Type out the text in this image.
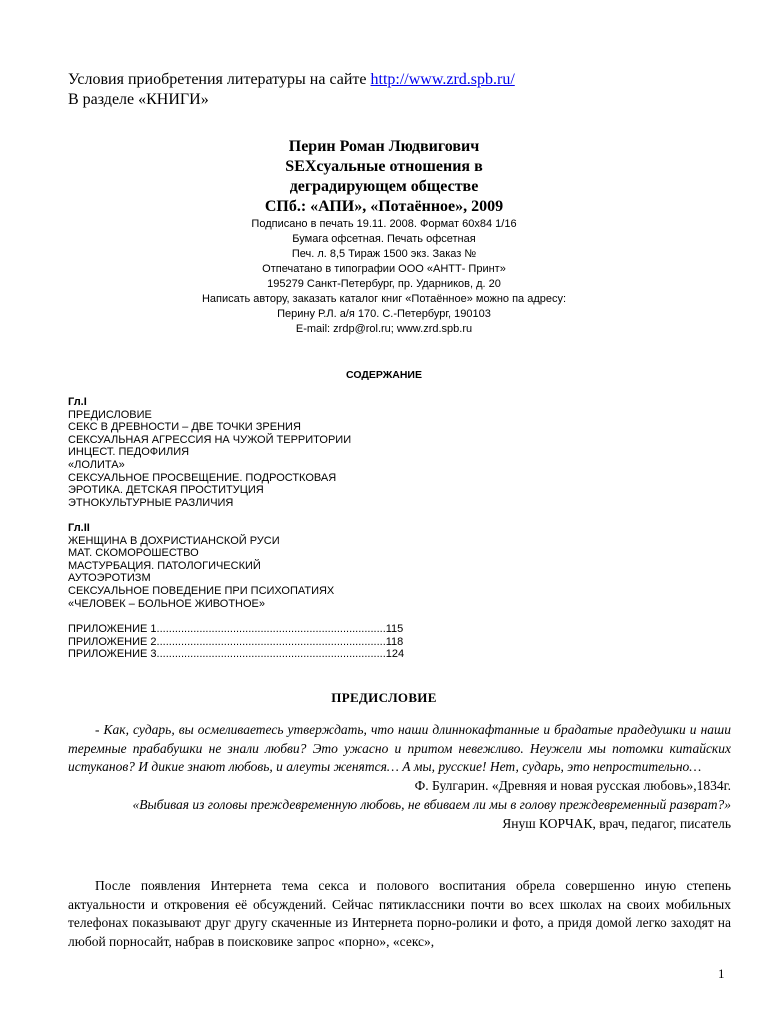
Условия приобретения литературы на сайте http://www.zrd.spb.ru/
В разделе «КНИГИ»
Перин Роман Людвигович
SEXсуальные отношения в
деградирующем обществе
СПб.: «АПИ», «Потаённое», 2009
Подписано в печать 19.11. 2008. Формат 60x84 1/16
Бумага офсетная. Печать офсетная
Печ. л. 8,5 Тираж 1500 экз. Заказ №
Отпечатано в типографии ООО «АНТТ- Принт»
195279 Санкт-Петербург, пр. Ударников, д. 20
Написать автору, заказать каталог книг «Потаённое» можно па адресу:
Перину Р.Л. а/я 170. С.-Петербург, 190103
E-mail: zrdp@rol.ru; www.zrd.spb.ru
СОДЕРЖАНИЕ
Гл.I
ПРЕДИСЛОВИЕ
СЕКС В ДРЕВНОСТИ – ДВЕ ТОЧКИ ЗРЕНИЯ
СЕКСУАЛЬНАЯ АГРЕССИЯ НА ЧУЖОЙ ТЕРРИТОРИИ
ИНЦЕСТ. ПЕДОФИЛИЯ
«ЛОЛИТА»
СЕКСУАЛЬНОЕ ПРОСВЕЩЕНИЕ. ПОДРОСТКОВАЯ
ЭРОТИКА. ДЕТСКАЯ ПРОСТИТУЦИЯ
ЭТНОКУЛЬТУРНЫЕ РАЗЛИЧИЯ
Гл.II
ЖЕНЩИНА В ДОХРИСТИАНСКОЙ РУСИ
МАТ. СКОМОРОШЕСТВО
МАСТУРБАЦИЯ. ПАТОЛОГИЧЕСКИЙ
АУТОЭРОТИЗМ
СЕКСУАЛЬНОЕ ПОВЕДЕНИЕ ПРИ ПСИХОПАТИЯХ
«ЧЕЛОВЕК – БОЛЬНОЕ ЖИВОТНОЕ»
ПРИЛОЖЕНИЕ 1...........................................................................115
ПРИЛОЖЕНИЕ 2...........................................................................118
ПРИЛОЖЕНИЕ 3...........................................................................124
ПРЕДИСЛОВИЕ

- Как, сударь, вы осмеливаетесь утверждать, что наши длиннокафтанные и брадатые прадедушки и наши теремные прабабушки не знали любви? Это ужасно и притом невежливо. Неужели мы потомки китайских истуканов? И дикие знают любовь, и алеуты женятся… А мы, русские! Нет, сударь, это непростительно…

Ф. Булгарин. «Древняя и новая русская любовь»,1834г.

«Выбивая из головы преждевременную любовь, не вбиваем ли мы в голову преждевременный разврат?»

Януш КОРЧАК, врач, педагог, писатель

После появления Интернета тема секса и полового воспитания обрела совершенно иную степень актуальности и откровения её обсуждений. Сейчас пятиклассники почти во всех школах на своих мобильных телефонах показывают друг другу скаченные из Интернета порно-ролики и фото, а придя домой легко заходят на любой порносайт, набрав в поисковике запрос «порно», «секс»,

1
